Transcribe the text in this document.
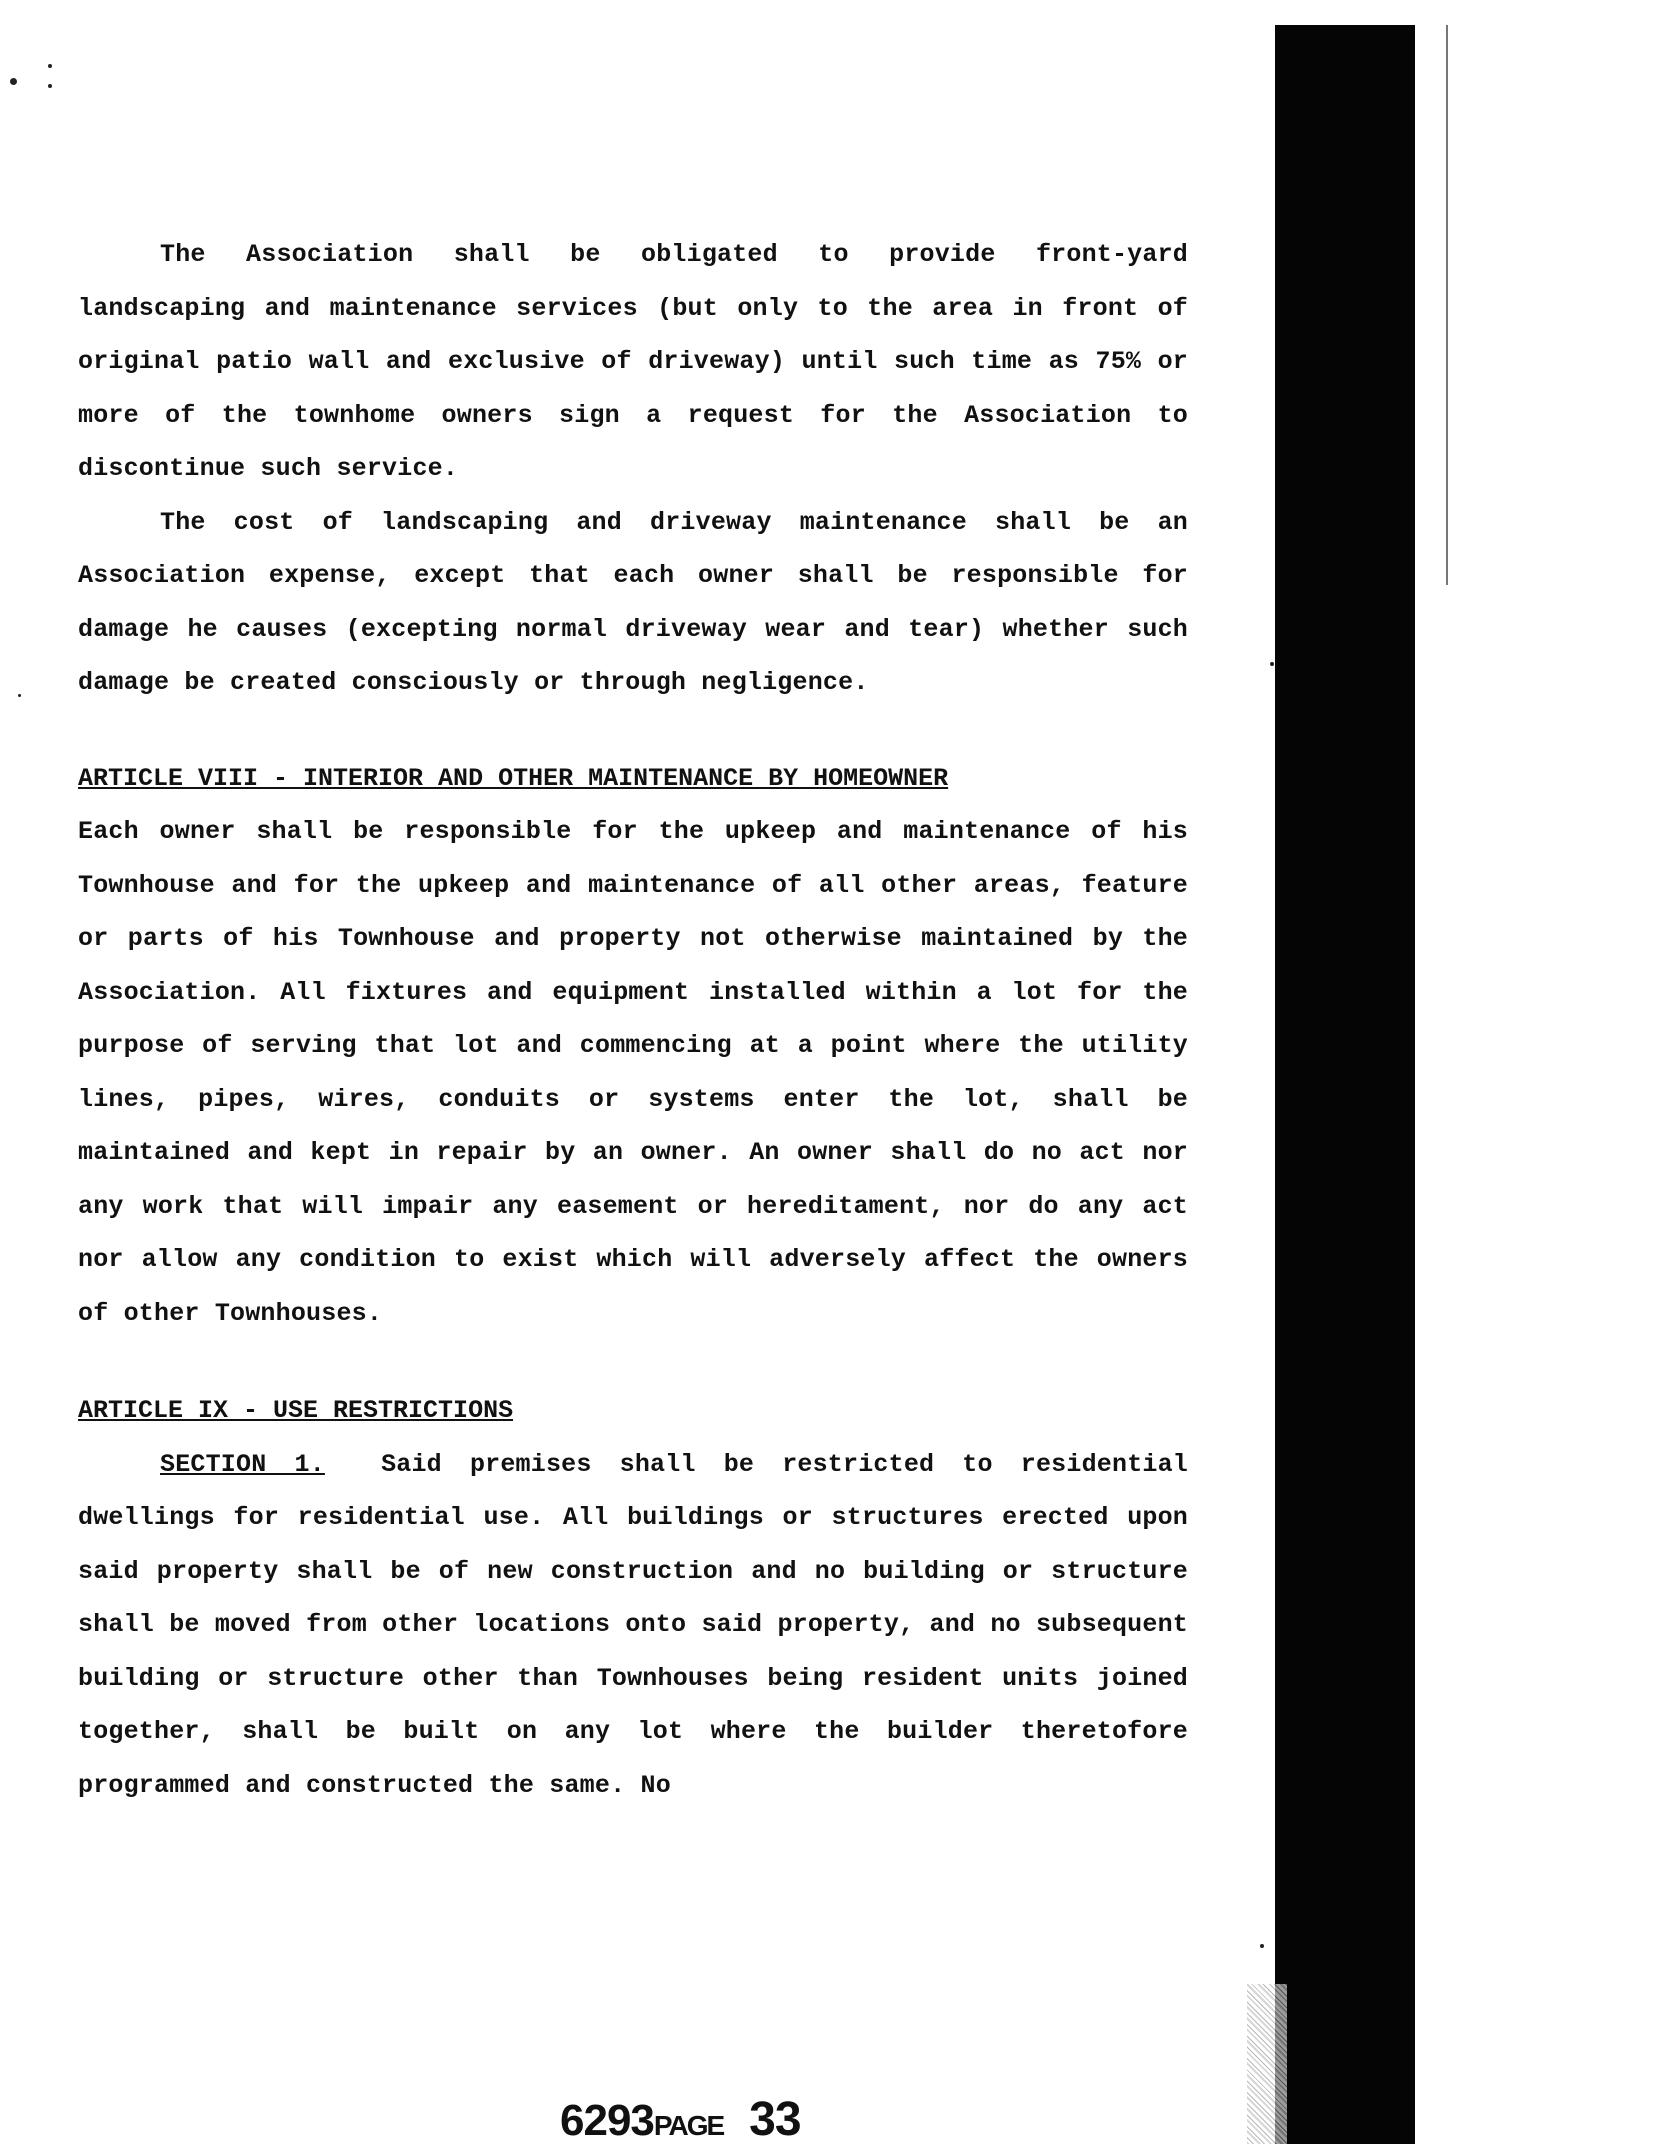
The Association shall be obligated to provide front-yard landscaping and maintenance services (but only to the area in front of original patio wall and exclusive of driveway) until such time as 75% or more of the townhome owners sign a request for the Association to discontinue such service.

The cost of landscaping and driveway maintenance shall be an Association expense, except that each owner shall be responsible for damage he causes (excepting normal driveway wear and tear) whether such damage be created consciously or through negligence.

ARTICLE VIII - INTERIOR AND OTHER MAINTENANCE BY HOMEOWNER

Each owner shall be responsible for the upkeep and maintenance of his Townhouse and for the upkeep and maintenance of all other areas, feature or parts of his Townhouse and property not otherwise maintained by the Association. All fixtures and equipment installed within a lot for the purpose of serving that lot and commencing at a point where the utility lines, pipes, wires, conduits or systems enter the lot, shall be maintained and kept in repair by an owner. An owner shall do no act nor any work that will impair any easement or hereditament, nor do any act nor allow any condition to exist which will adversely affect the owners of other Townhouses.

ARTICLE IX - USE RESTRICTIONS

SECTION 1. Said premises shall be restricted to residential dwellings for residential use. All buildings or structures erected upon said property shall be of new construction and no building or structure shall be moved from other locations onto said property, and no subsequent building or structure other than Townhouses being resident units joined together, shall be built on any lot where the builder theretofore programmed and constructed the same. No

6293PAGE 33
